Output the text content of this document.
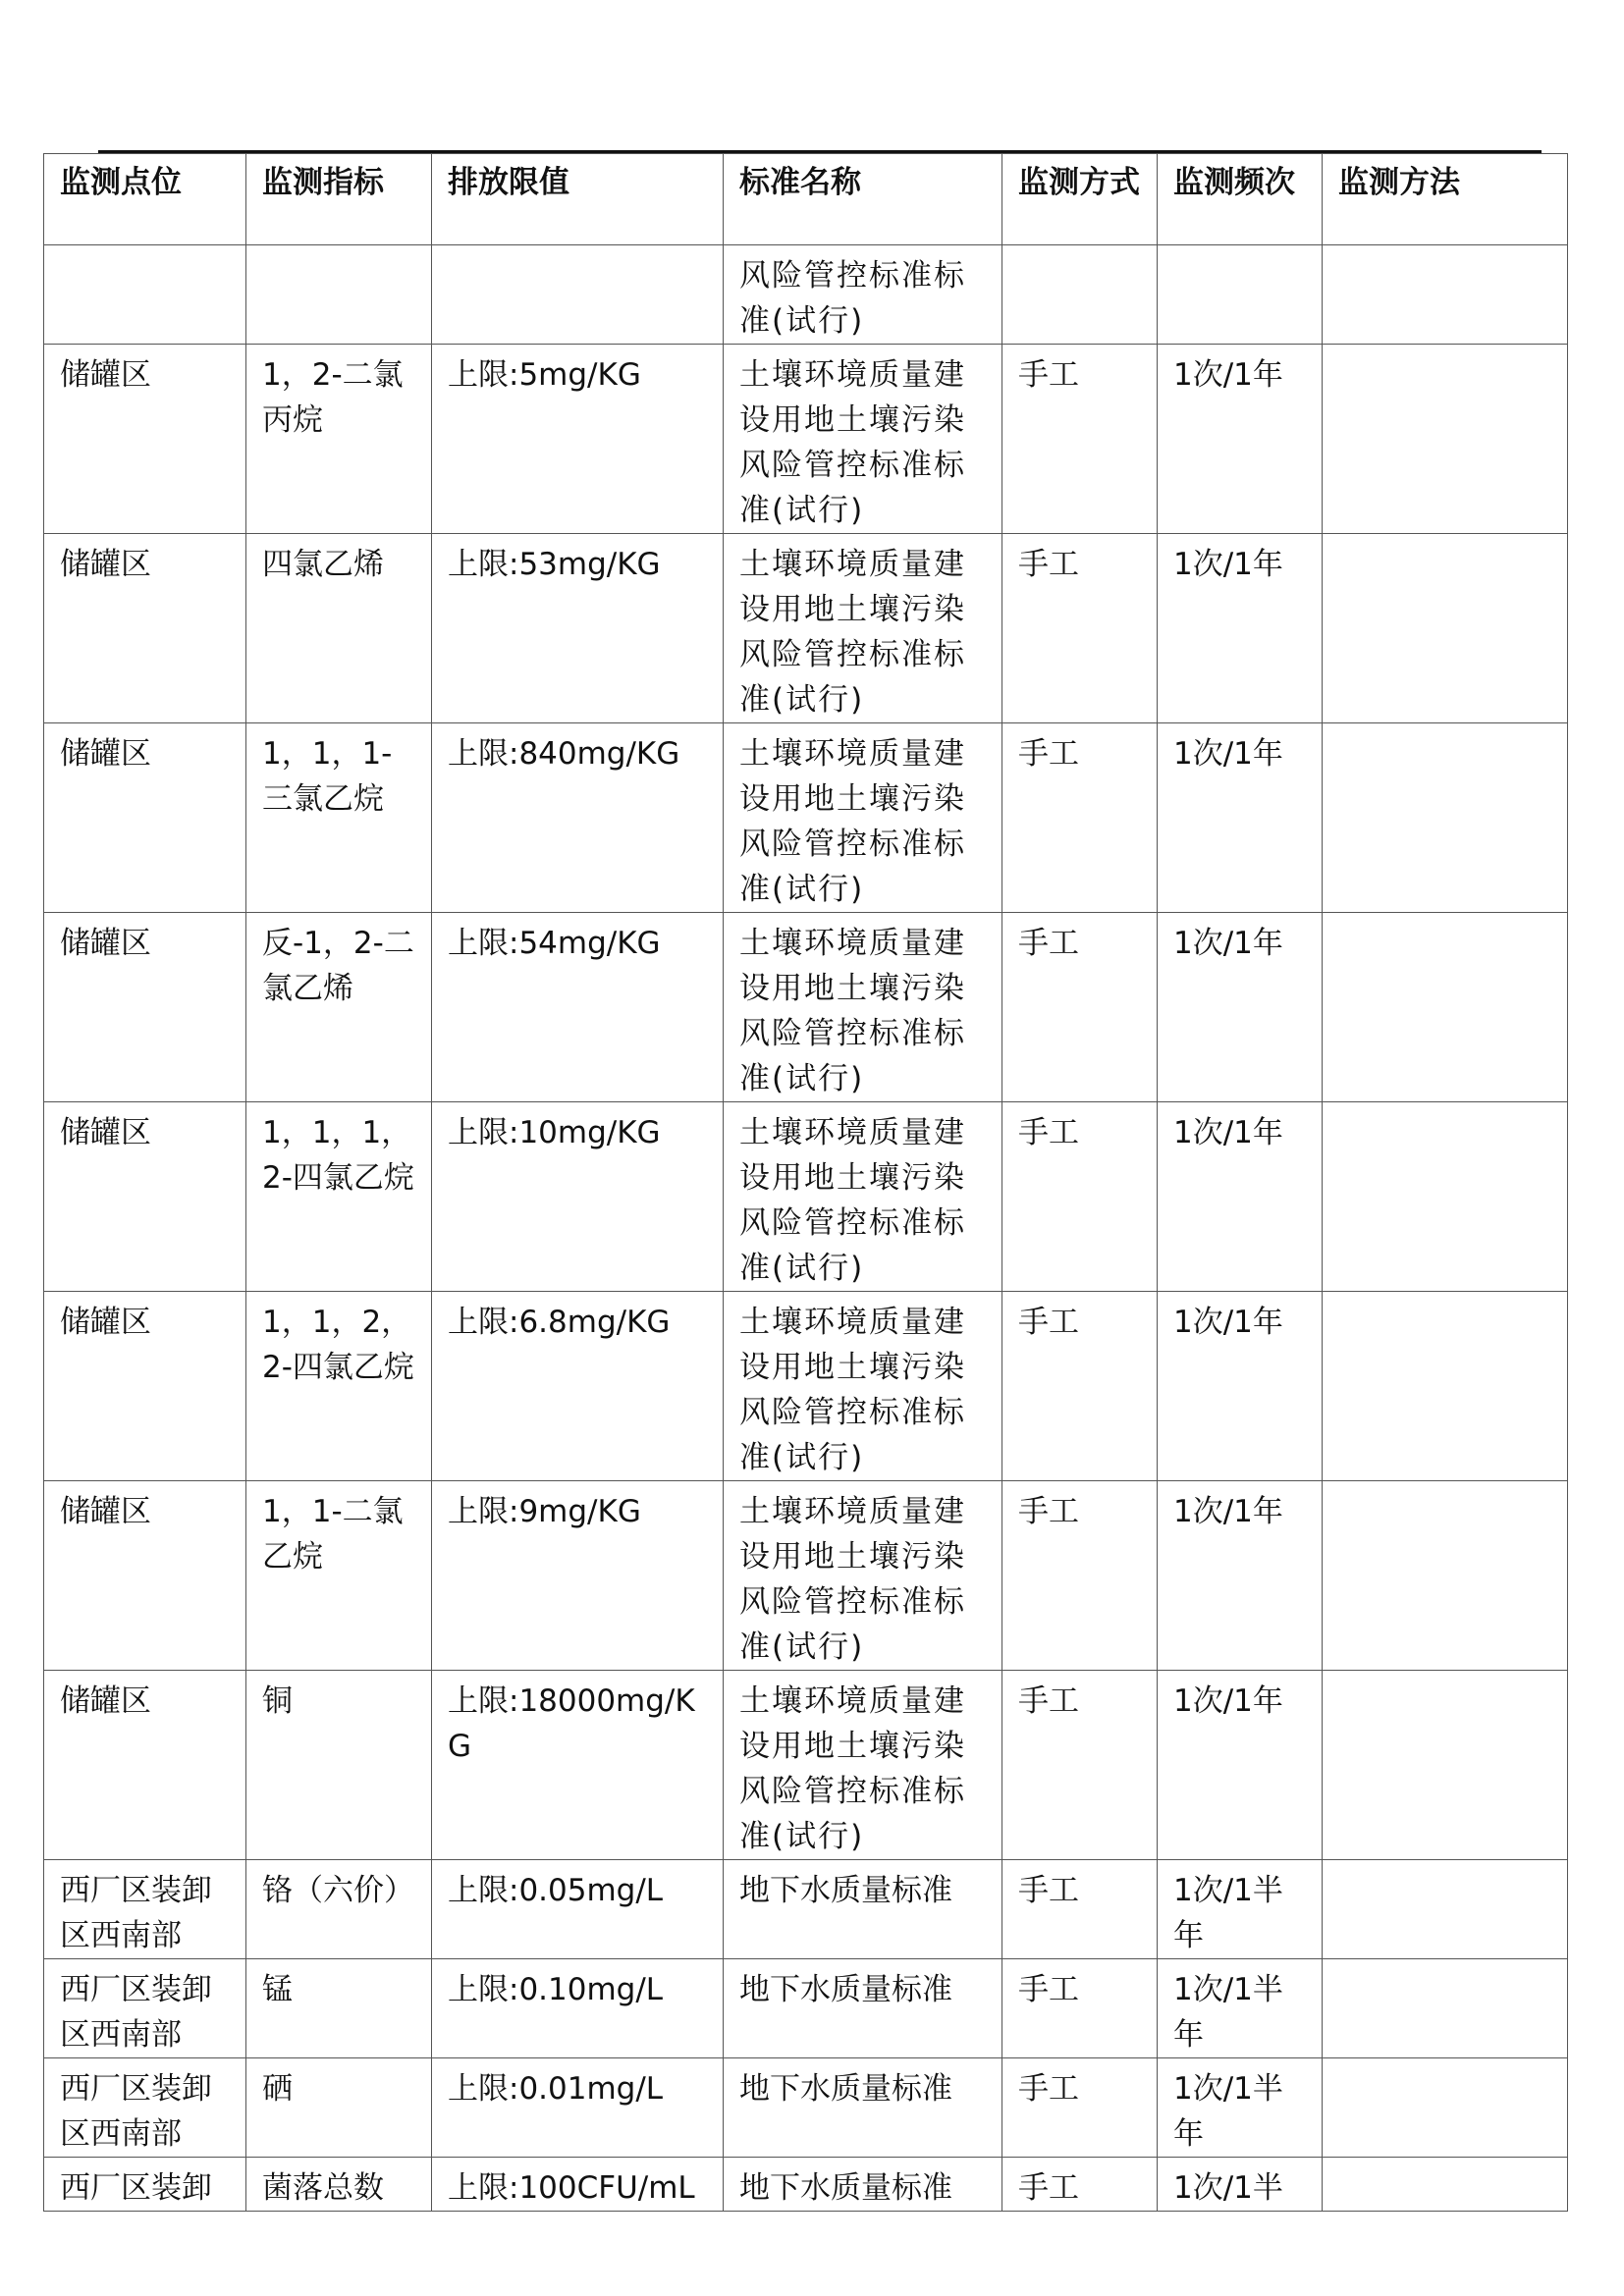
监测点位	监测指标	排放限值	标准名称	监测方式	监测频次	监测方法
			风险管控标准标准(试行)			
储罐区	1，2-二氯丙烷	上限:5mg/KG	土壤环境质量建设用地土壤污染风险管控标准标准(试行)	手工	1次/1年	
储罐区	四氯乙烯	上限:53mg/KG	土壤环境质量建设用地土壤污染风险管控标准标准(试行)	手工	1次/1年	
储罐区	1，1，1-三氯乙烷	上限:840mg/KG	土壤环境质量建设用地土壤污染风险管控标准标准(试行)	手工	1次/1年	
储罐区	反-1，2-二氯乙烯	上限:54mg/KG	土壤环境质量建设用地土壤污染风险管控标准标准(试行)	手工	1次/1年	
储罐区	1，1，1，2-四氯乙烷	上限:10mg/KG	土壤环境质量建设用地土壤污染风险管控标准标准(试行)	手工	1次/1年	
储罐区	1，1，2，2-四氯乙烷	上限:6.8mg/KG	土壤环境质量建设用地土壤污染风险管控标准标准(试行)	手工	1次/1年	
储罐区	1，1-二氯乙烷	上限:9mg/KG	土壤环境质量建设用地土壤污染风险管控标准标准(试行)	手工	1次/1年	
储罐区	铜	上限:18000mg/KG	土壤环境质量建设用地土壤污染风险管控标准标准(试行)	手工	1次/1年	
西厂区装卸区西南部	铬（六价）	上限:0.05mg/L	地下水质量标准	手工	1次/1半年	
西厂区装卸区西南部	锰	上限:0.10mg/L	地下水质量标准	手工	1次/1半年	
西厂区装卸区西南部	硒	上限:0.01mg/L	地下水质量标准	手工	1次/1半年	
西厂区装卸	菌落总数	上限:100CFU/mL	地下水质量标准	手工	1次/1半	
